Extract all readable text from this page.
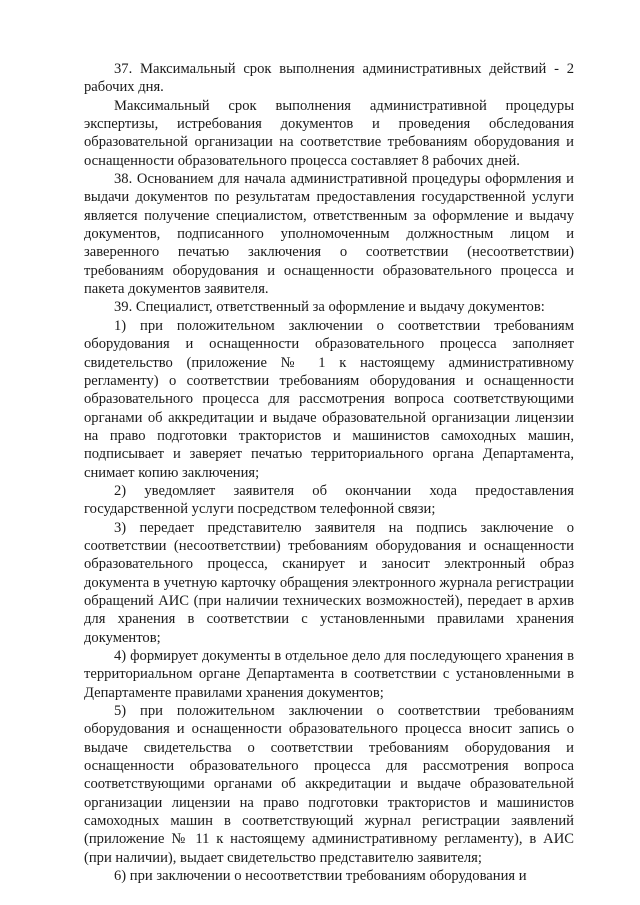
37. Максимальный срок выполнения административных действий - 2 рабочих дня.

Максимальный срок выполнения административной процедуры экспертизы, истребования документов и проведения обследования образовательной организации на соответствие требованиям оборудования и оснащенности образовательного процесса составляет 8 рабочих дней.

38. Основанием для начала административной процедуры оформления и выдачи документов по результатам предоставления государственной услуги является получение специалистом, ответственным за оформление и выдачу документов, подписанного уполномоченным должностным лицом и заверенного печатью заключения о соответствии (несоответствии) требованиям оборудования и оснащенности образовательного процесса и пакета документов заявителя.

39. Специалист, ответственный за оформление и выдачу документов:

1) при положительном заключении о соответствии требованиям оборудования и оснащенности образовательного процесса заполняет свидетельство (приложение № 1 к настоящему административному регламенту) о соответствии требованиям оборудования и оснащенности образовательного процесса для рассмотрения вопроса соответствующими органами об аккредитации и выдаче образовательной организации лицензии на право подготовки трактористов и машинистов самоходных машин, подписывает и заверяет печатью территориального органа Департамента, снимает копию заключения;

2) уведомляет заявителя об окончании хода предоставления государственной услуги посредством телефонной связи;

3) передает представителю заявителя на подпись заключение о соответствии (несоответствии) требованиям оборудования и оснащенности образовательного процесса, сканирует и заносит электронный образ документа в учетную карточку обращения электронного журнала регистрации обращений АИС (при наличии технических возможностей), передает в архив для хранения в соответствии с установленными правилами хранения документов;

4) формирует документы в отдельное дело для последующего хранения в территориальном органе Департамента в соответствии с установленными в Департаменте правилами хранения документов;

5) при положительном заключении о соответствии требованиям оборудования и оснащенности образовательного процесса вносит запись о выдаче свидетельства о соответствии требованиям оборудования и оснащенности образовательного процесса для рассмотрения вопроса соответствующими органами об аккредитации и выдаче образовательной организации лицензии на право подготовки трактористов и машинистов самоходных машин в соответствующий журнал регистрации заявлений (приложение № 11 к настоящему административному регламенту), в АИС (при наличии), выдает свидетельство представителю заявителя;

6) при заключении о несоответствии требованиям оборудования и
